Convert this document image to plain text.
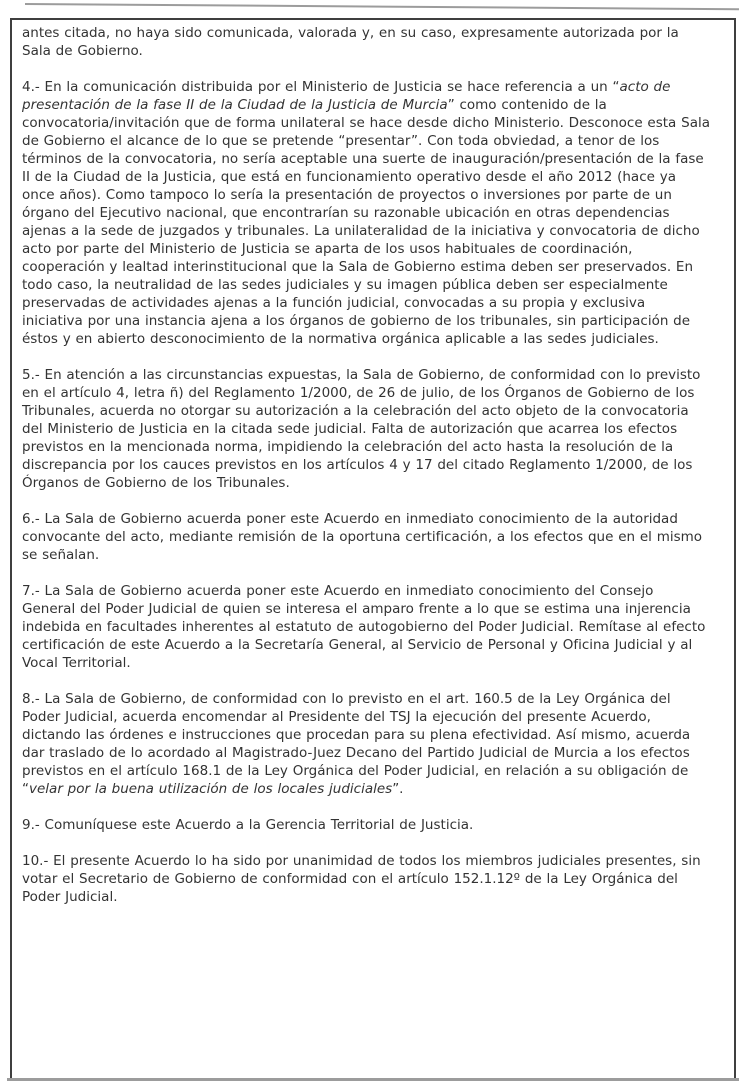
antes citada, no haya sido comunicada, valorada y, en su caso, expresamente autorizada por la Sala de Gobierno.

4.- En la comunicación distribuida por el Ministerio de Justicia se hace referencia a un “acto de presentación de la fase II de la Ciudad de la Justicia de Murcia” como contenido de la convocatoria/invitación que de forma unilateral se hace desde dicho Ministerio. Desconoce esta Sala de Gobierno el alcance de lo que se pretende “presentar”. Con toda obviedad, a tenor de los términos de la convocatoria, no sería aceptable una suerte de inauguración/presentación de la fase II de la Ciudad de la Justicia, que está en funcionamiento operativo desde el año 2012 (hace ya once años). Como tampoco lo sería la presentación de proyectos o inversiones por parte de un órgano del Ejecutivo nacional, que encontrarían su razonable ubicación en otras dependencias ajenas a la sede de juzgados y tribunales. La unilateralidad de la iniciativa y convocatoria de dicho acto por parte del Ministerio de Justicia se aparta de los usos habituales de coordinación, cooperación y lealtad interinstitucional que la Sala de Gobierno estima deben ser preservados. En todo caso, la neutralidad de las sedes judiciales y su imagen pública deben ser especialmente preservadas de actividades ajenas a la función judicial, convocadas a su propia y exclusiva iniciativa por una instancia ajena a los órganos de gobierno de los tribunales, sin participación de éstos y en abierto desconocimiento de la normativa orgánica aplicable a las sedes judiciales.

5.- En atención a las circunstancias expuestas, la Sala de Gobierno, de conformidad con lo previsto en el artículo 4, letra ñ) del Reglamento 1/2000, de 26 de julio, de los Órganos de Gobierno de los Tribunales, acuerda no otorgar su autorización a la celebración del acto objeto de la convocatoria del Ministerio de Justicia en la citada sede judicial. Falta de autorización que acarrea los efectos previstos en la mencionada norma, impidiendo la celebración del acto hasta la resolución de la discrepancia por los cauces previstos en los artículos 4 y 17 del citado Reglamento 1/2000, de los Órganos de Gobierno de los Tribunales.

6.- La Sala de Gobierno acuerda poner este Acuerdo en inmediato conocimiento de la autoridad convocante del acto, mediante remisión de la oportuna certificación, a los efectos que en el mismo se señalan.

7.- La Sala de Gobierno acuerda poner este Acuerdo en inmediato conocimiento del Consejo General del Poder Judicial de quien se interesa el amparo frente a lo que se estima una injerencia indebida en facultades inherentes al estatuto de autogobierno del Poder Judicial. Remítase al efecto certificación de este Acuerdo a la Secretaría General, al Servicio de Personal y Oficina Judicial y al Vocal Territorial.

8.- La Sala de Gobierno, de conformidad con lo previsto en el art. 160.5 de la Ley Orgánica del Poder Judicial, acuerda encomendar al Presidente del TSJ la ejecución del presente Acuerdo, dictando las órdenes e instrucciones que procedan para su plena efectividad. Así mismo, acuerda dar traslado de lo acordado al Magistrado-Juez Decano del Partido Judicial de Murcia a los efectos previstos en el artículo 168.1 de la Ley Orgánica del Poder Judicial, en relación a su obligación de “velar por la buena utilización de los locales judiciales”.

9.- Comuníquese este Acuerdo a la Gerencia Territorial de Justicia.

10.- El presente Acuerdo lo ha sido por unanimidad de todos los miembros judiciales presentes, sin votar el Secretario de Gobierno de conformidad con el artículo 152.1.12º de la Ley Orgánica del Poder Judicial.
